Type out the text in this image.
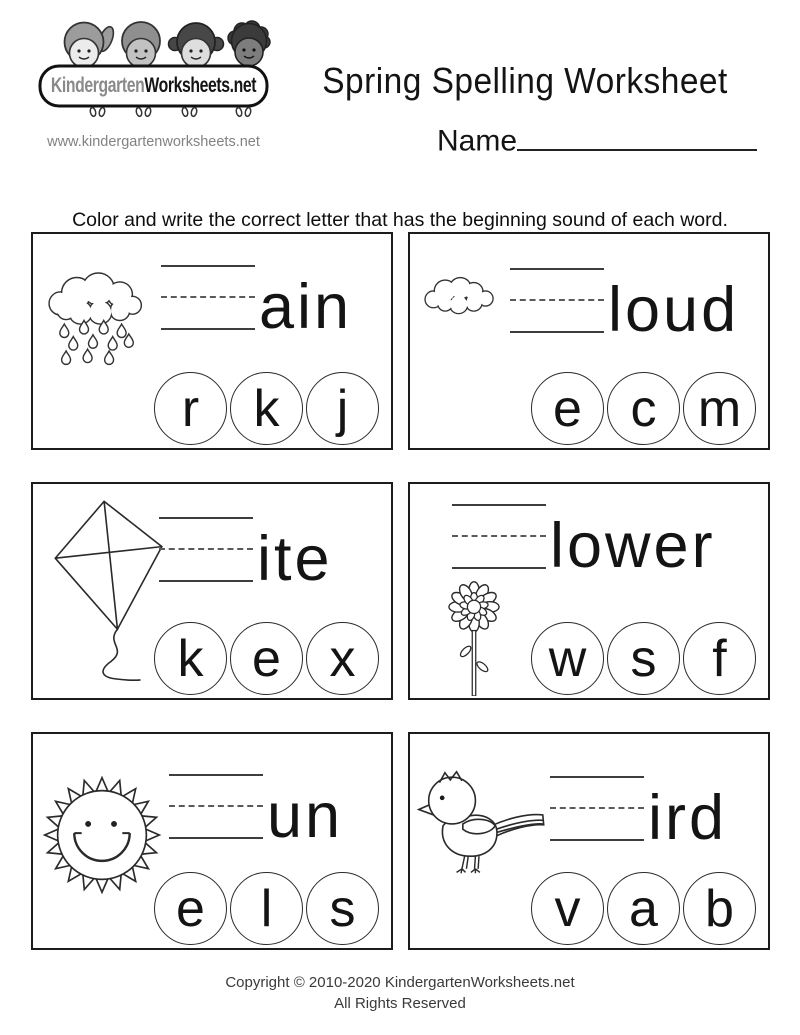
Kindergarten Worksheets.net
www.kindergartenworksheets.net
Spring Spelling Worksheet
Name

Color and write the correct letter that has the beginning sound of each word.

ain
r k j
loud
e c m
ite
k e x
lower
w s f
un
e l s
ird
v a b
Copyright © 2010-2020 KindergartenWorksheets.net
All Rights Reserved
